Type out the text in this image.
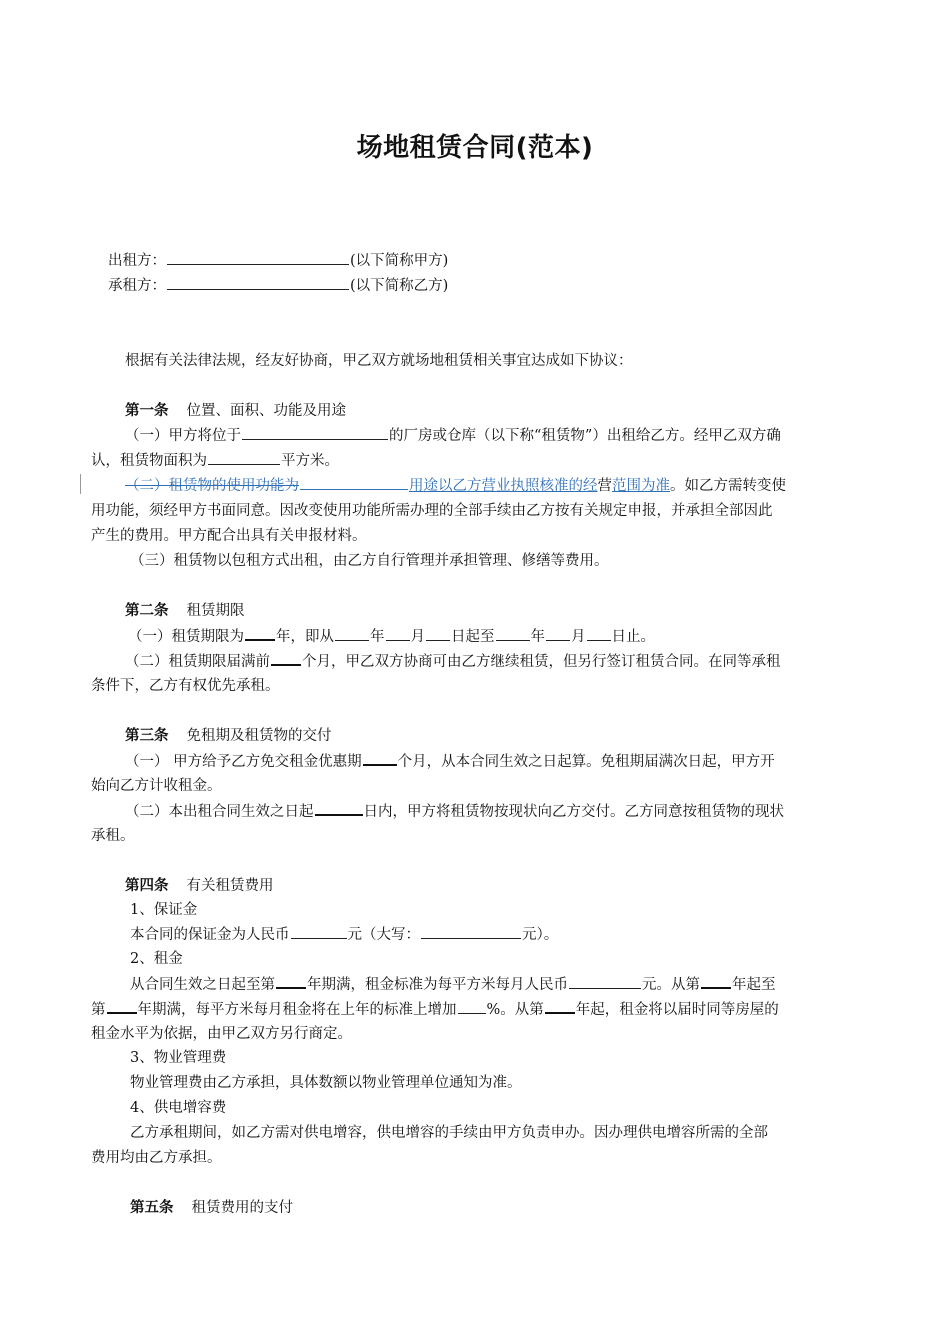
场地租赁合同(范本)
出租方：	(以下简称甲方)
承租方：	(以下简称乙方)
根据有关法律法规，经友好协商，甲乙双方就场地租赁相关事宜达成如下协议：
第一条 位置、面积、功能及用途
（一）甲方将位于	的厂房或仓库（以下称“租赁物”）出租给乙方。经甲乙双方确
认，租赁物面积为	平方米。
（二）租赁物的使用功能为	用途以乙方营业执照核准的经营范围为准。如乙方需转变使
用功能，须经甲方书面同意。因改变使用功能所需办理的全部手续由乙方按有关规定申报，并承担全部因此
产生的费用。甲方配合出具有关申报材料。
（三）租赁物以包租方式出租，由乙方自行管理并承担管理、修缮等费用。
第二条 租赁期限
（一）租赁期限为 年，即从 年 月 日起至 年 月 日止。
（二）租赁期限届满前 个月，甲乙双方协商可由乙方继续租赁，但另行签订租赁合同。在同等承租
条件下，乙方有权优先承租。
第三条 免租期及租赁物的交付
（一） 甲方给予乙方免交租金优惠期 个月，从本合同生效之日起算。免租期届满次日起，甲方开
始向乙方计收租金。
（二）本出租合同生效之日起	日内，甲方将租赁物按现状向乙方交付。乙方同意按租赁物的现状
承租。
第四条 有关租赁费用
1、保证金
本合同的保证金为人民币	元（大写：	元）。
2、租金
从合同生效之日起至第 年期满，租金标准为每平方米每月人民币	元。从第 年起至
第 年期满，每平方米每月租金将在上年的标准上增加 %。从第 年起，租金将以届时同等房屋的
租金水平为依据，由甲乙双方另行商定。
3、物业管理费
物业管理费由乙方承担，具体数额以物业管理单位通知为准。
4、供电增容费
乙方承租期间，如乙方需对供电增容，供电增容的手续由甲方负责申办。因办理供电增容所需的全部
费用均由乙方承担。
第五条 租赁费用的支付
